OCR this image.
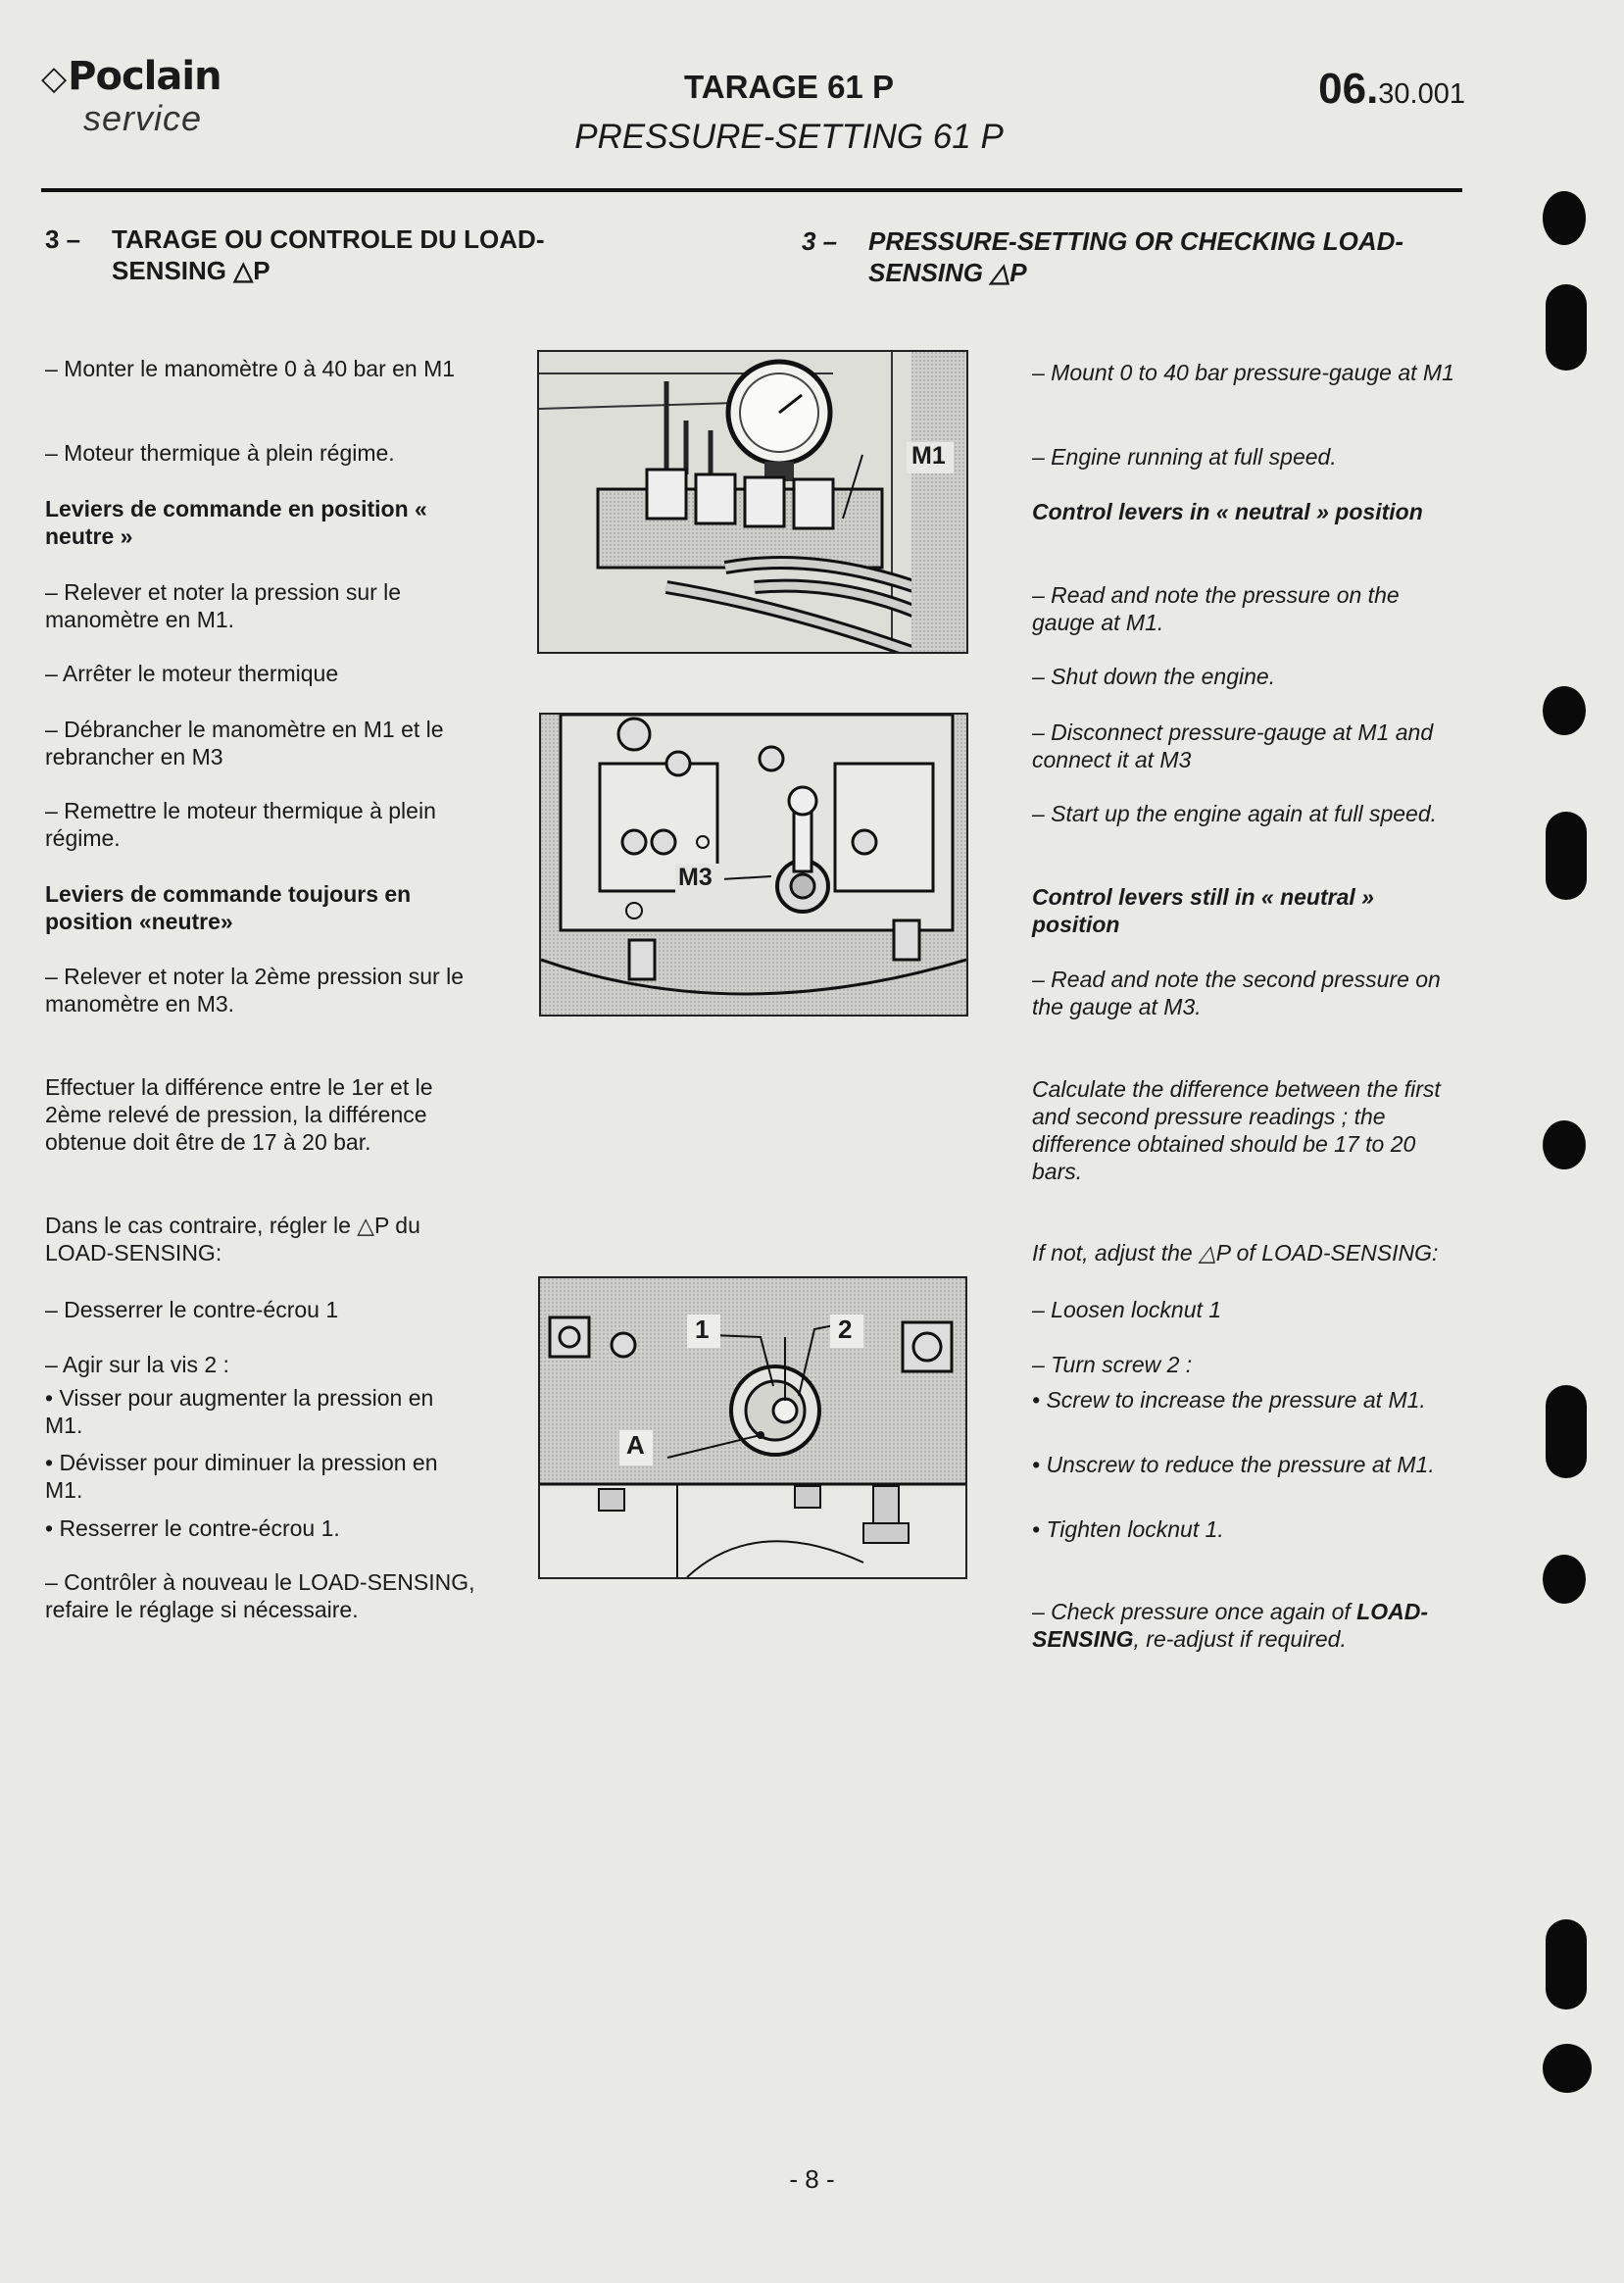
◇Poclain
service
TARAGE 61 P
PRESSURE-SETTING 61 P
06.30.001
3 – TARAGE OU CONTROLE DU LOAD-SENSING △P
3 – PRESSURE-SETTING OR CHECKING LOAD-SENSING △P
– Monter le manomètre 0 à 40 bar en M1
– Moteur thermique à plein régime.
Leviers de commande en position « neutre »
– Relever et noter la pression sur le manomètre en M1.
– Arrêter le moteur thermique
– Débrancher le manomètre en M1 et le rebrancher en M3
– Remettre le moteur thermique à plein régime.
Leviers de commande toujours en position «neutre»
– Relever et noter la 2ème pression sur le manomètre en M3.
Effectuer la différence entre le 1er et le 2ème relevé de pression, la différence obtenue doit être de 17 à 20 bar.
Dans le cas contraire, régler le △P du LOAD-SENSING:
– Desserrer le contre-écrou 1
– Agir sur la vis 2 :
• Visser pour augmenter la pression en M1.
• Dévisser pour diminuer la pression en M1.
• Resserrer le contre-écrou 1.
– Contrôler à nouveau le LOAD-SENSING, refaire le réglage si nécessaire.
– Mount 0 to 40 bar pressure-gauge at M1
– Engine running at full speed.
Control levers in « neutral » position
– Read and note the pressure on the gauge at M1.
– Shut down the engine.
– Disconnect pressure-gauge at M1 and connect it at M3
– Start up the engine again at full speed.
Control levers still in « neutral » position
– Read and note the second pressure on the gauge at M3.
Calculate the difference between the first and second pressure readings ; the difference obtained should be 17 to 20 bars.
If not, adjust the △P of LOAD-SENSING:
– Loosen locknut 1
– Turn screw 2 :
• Screw to increase the pressure at M1.
• Unscrew to reduce the pressure at M1.
• Tighten locknut 1.
– Check pressure once again of LOAD-SENSING, re-adjust if required.
M1
M3
1	2
A
- 8 -
